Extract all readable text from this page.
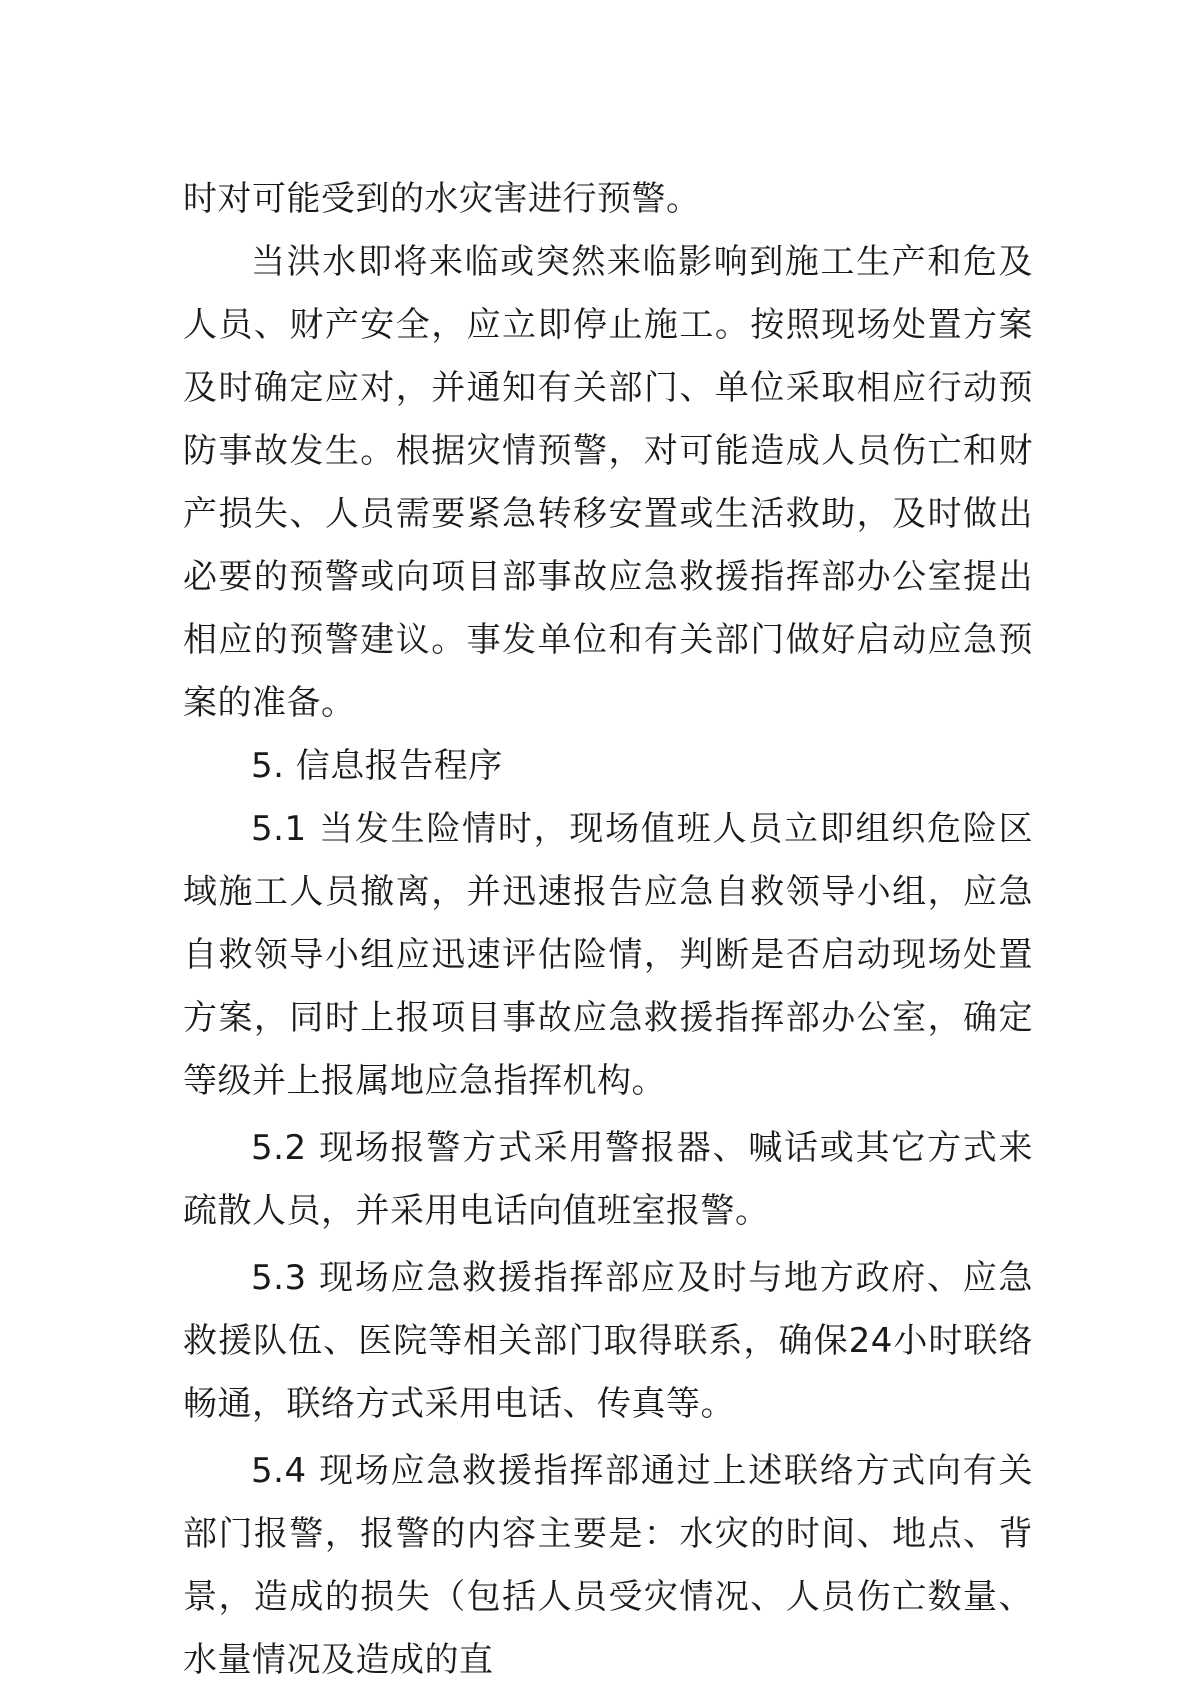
时对可能受到的水灾害进行预警。

当洪水即将来临或突然来临影响到施工生产和危及人员、财产安全，应立即停止施工。按照现场处置方案及时确定应对，并通知有关部门、单位采取相应行动预防事故发生。根据灾情预警，对可能造成人员伤亡和财产损失、人员需要紧急转移安置或生活救助，及时做出必要的预警或向项目部事故应急救援指挥部办公室提出相应的预警建议。事发单位和有关部门做好启动应急预案的准备。

5. 信息报告程序

5.1 当发生险情时，现场值班人员立即组织危险区域施工人员撤离，并迅速报告应急自救领导小组，应急自救领导小组应迅速评估险情，判断是否启动现场处置方案，同时上报项目事故应急救援指挥部办公室，确定等级并上报属地应急指挥机构。

5.2 现场报警方式采用警报器、喊话或其它方式来疏散人员，并采用电话向值班室报警。

5.3 现场应急救援指挥部应及时与地方政府、应急救援队伍、医院等相关部门取得联系，确保24小时联络畅通，联络方式采用电话、传真等。

5.4 现场应急救援指挥部通过上述联络方式向有关部门报警，报警的内容主要是：水灾的时间、地点、背景，造成的损失（包括人员受灾情况、人员伤亡数量、水量情况及造成的直
